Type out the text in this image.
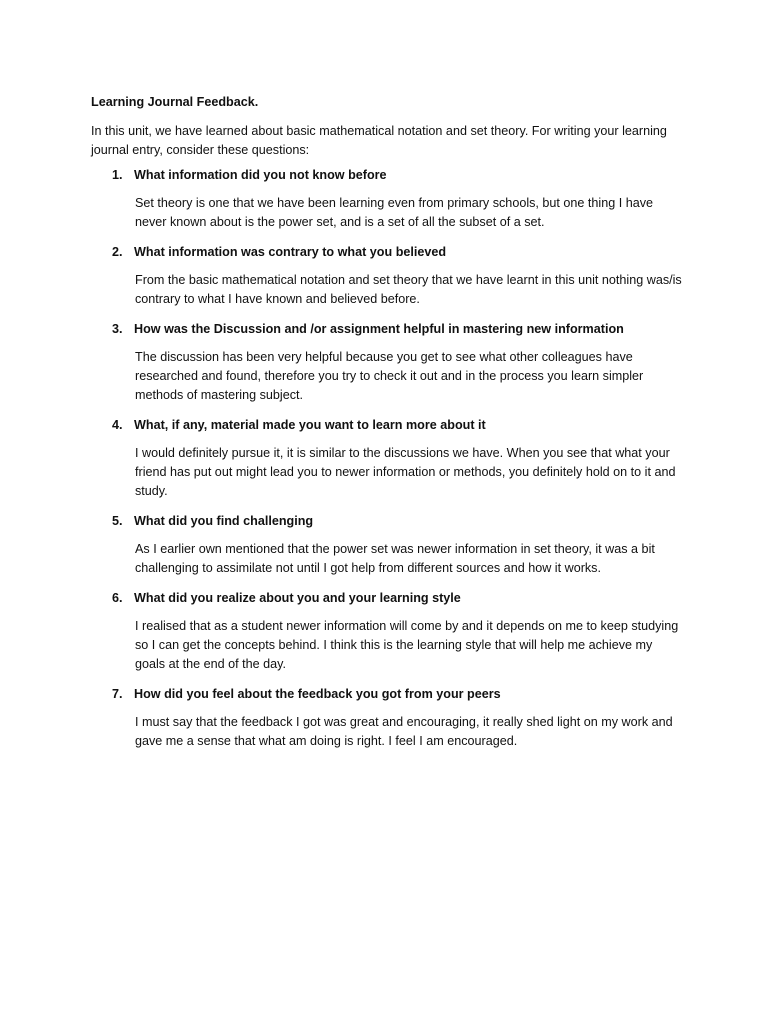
Learning Journal Feedback.

In this unit, we have learned about basic mathematical notation and set theory. For writing your learning journal entry, consider these questions:

1. What information did you not know before

Set theory is one that we have been learning even from primary schools, but one thing I have never known about is the power set, and is a set of all the subset of a set.

2. What information was contrary to what you believed

From the basic mathematical notation and set theory that we have learnt in this unit nothing was/is contrary to what I have known and believed before.

3. How was the Discussion and /or assignment helpful in mastering new information

The discussion has been very helpful because you get to see what other colleagues have researched and found, therefore you try to check it out and in the process you learn simpler methods of mastering subject.

4. What, if any, material made you want to learn more about it

I would definitely pursue it, it is similar to the discussions we have. When you see that what your friend has put out might lead you to newer information or methods, you definitely hold on to it and study.

5. What did you find challenging

As I earlier own mentioned that the power set was newer information in set theory, it was a bit challenging to assimilate not until I got help from different sources and how it works.

6. What did you realize about you and your learning style

I realised that as a student newer information will come by and it depends on me to keep studying so I can get the concepts behind. I think this is the learning style that will help me achieve my goals at the end of the day.

7. How did you feel about the feedback you got from your peers

I must say that the feedback I got was great and encouraging, it really shed light on my work and gave me a sense that what am doing is right. I feel I am encouraged.
